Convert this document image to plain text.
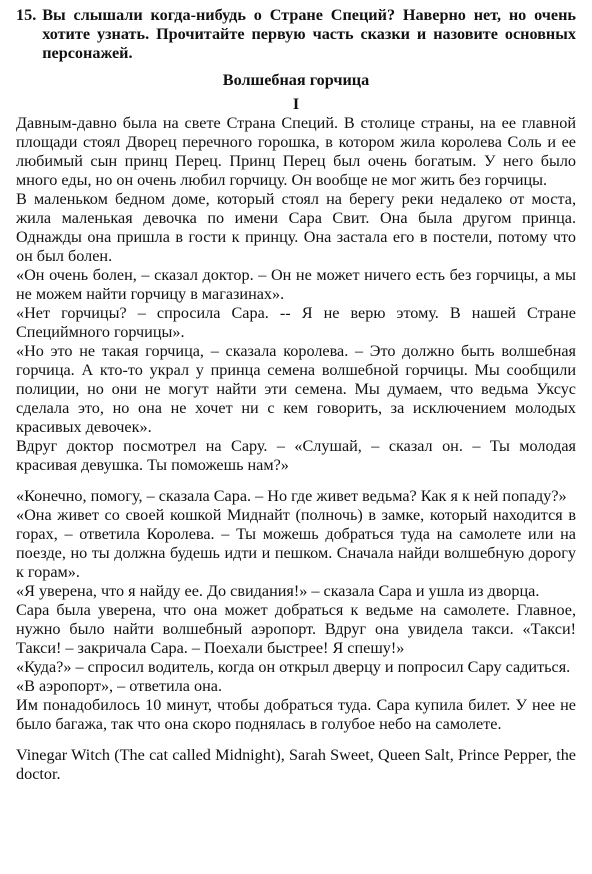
15. Вы слышали когда-нибудь о Стране Специй? Наверно нет, но очень хотите узнать. Прочитайте первую часть сказки и назовите основных персонажей.
Волшебная горчица
I

Давным-давно была на свете Страна Специй. В столице страны, на ее главной площади стоял Дворец перечного горошка, в котором жила королева Соль и ее любимый сын принц Перец. Принц Перец был очень богатым. У него было много еды, но он очень любил горчицу. Он вообще не мог жить без горчицы.

В маленьком бедном доме, который стоял на берегу реки недалеко от моста, жила маленькая девочка по имени Сара Свит. Она была другом принца. Однажды она пришла в гости к принцу. Она застала его в постели, потому что он был болен.

«Он очень болен, – сказал доктор. – Он не может ничего есть без горчицы, а мы не можем найти горчицу в магазинах».

«Нет горчицы? – спросила Сара. -- Я не верю этому. В нашей Стране Специймного горчицы».

«Но это не такая горчица, – сказала королева. – Это должно быть волшебная горчица. А кто-то украл у принца семена волшебной горчицы. Мы сообщили полиции, но они не могут найти эти семена. Мы думаем, что ведьма Уксус сделала это, но она не хочет ни с кем говорить, за исключением молодых красивых девочек».

Вдруг доктор посмотрел на Сару. – «Слушай, – сказал он. – Ты молодая красивая девушка. Ты поможешь нам?»

«Конечно, помогу, – сказала Сара. – Но где живет ведьма? Как я к ней попаду?»

«Она живет со своей кошкой Миднайт (полночь) в замке, который находится в горах, – ответила Королева. – Ты можешь добраться туда на самолете или на поезде, но ты должна будешь идти и пешком. Сначала найди волшебную дорогу к горам».

«Я уверена, что я найду ее. До свидания!» – сказала Сара и ушла из дворца.

Сара была уверена, что она может добраться к ведьме на самолете. Главное, нужно было найти волшебный аэропорт. Вдруг она увидела такси. «Такси! Такси! – закричала Сара. – Поехали быстрее! Я спешу!»

«Куда?» – спросил водитель, когда он открыл дверцу и попросил Сару садиться.

«В аэропорт», – ответила она.

Им понадобилось 10 минут, чтобы добраться туда. Сара купила билет. У нее не было багажа, так что она скоро поднялась в голубое небо на самолете.

Vinegar Witch (The cat called Midnight), Sarah Sweet, Queen Salt, Prince Pepper, the doctor.
